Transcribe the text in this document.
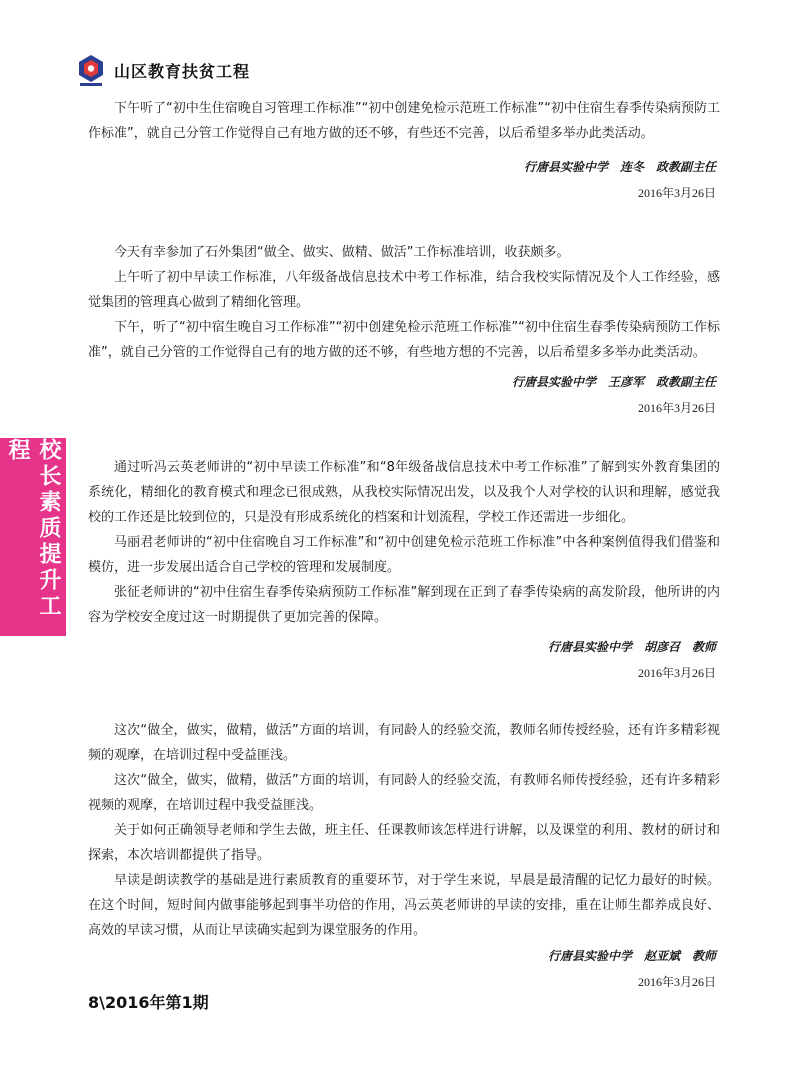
山区教育扶贫工程
校长素质提升工程

下午听了“初中生住宿晚自习管理工作标准”“初中创建免检示范班工作标准”“初中住宿生春季传染病预防工作标准”，就自己分管工作觉得自己有地方做的还不够，有些还不完善，以后希望多举办此类活动。

行唐县实验中学　连冬　政教副主任

2016年3月26日

今天有幸参加了石外集团“做全、做实、做精、做活”工作标准培训，收获颇多。

上午听了初中早读工作标准，八年级备战信息技术中考工作标准，结合我校实际情况及个人工作经验，感觉集团的管理真心做到了精细化管理。

下午，听了“初中宿生晚自习工作标准”“初中创建免检示范班工作标准”“初中住宿生春季传染病预防工作标准”，就自己分管的工作觉得自己有的地方做的还不够，有些地方想的不完善，以后希望多多举办此类活动。

行唐县实验中学　王彦军　政教副主任

2016年3月26日

通过听冯云英老师讲的“初中早读工作标准”和“8年级备战信息技术中考工作标准”了解到实外教育集团的系统化，精细化的教育模式和理念已很成熟，从我校实际情况出发，以及我个人对学校的认识和理解，感觉我校的工作还是比较到位的，只是没有形成系统化的档案和计划流程，学校工作还需进一步细化。

马丽君老师讲的“初中住宿晚自习工作标准”和“初中创建免检示范班工作标准”中各种案例值得我们借鉴和模仿，进一步发展出适合自己学校的管理和发展制度。

张征老师讲的“初中住宿生春季传染病预防工作标准”解到现在正到了春季传染病的高发阶段，他所讲的内容为学校安全度过这一时期提供了更加完善的保障。

行唐县实验中学　胡彦召　教师

2016年3月26日

这次“做全，做实，做精，做活”方面的培训，有同龄人的经验交流，教师名师传授经验，还有许多精彩视频的观摩，在培训过程中受益匪浅。

这次“做全，做实，做精，做活”方面的培训，有同龄人的经验交流，有教师名师传授经验，还有许多精彩视频的观摩，在培训过程中我受益匪浅。

关于如何正确领导老师和学生去做，班主任、任课教师该怎样进行讲解，以及课堂的利用、教材的研讨和探索，本次培训都提供了指导。

早读是朗读教学的基础是进行素质教育的重要环节，对于学生来说，早晨是最清醒的记忆力最好的时候。在这个时间，短时间内做事能够起到事半功倍的作用，冯云英老师讲的早读的安排，重在让师生都养成良好、高效的早读习惯，从而让早读确实起到为课堂服务的作用。

行唐县实验中学　赵亚斌　教师

2016年3月26日

8\2016年第1期
